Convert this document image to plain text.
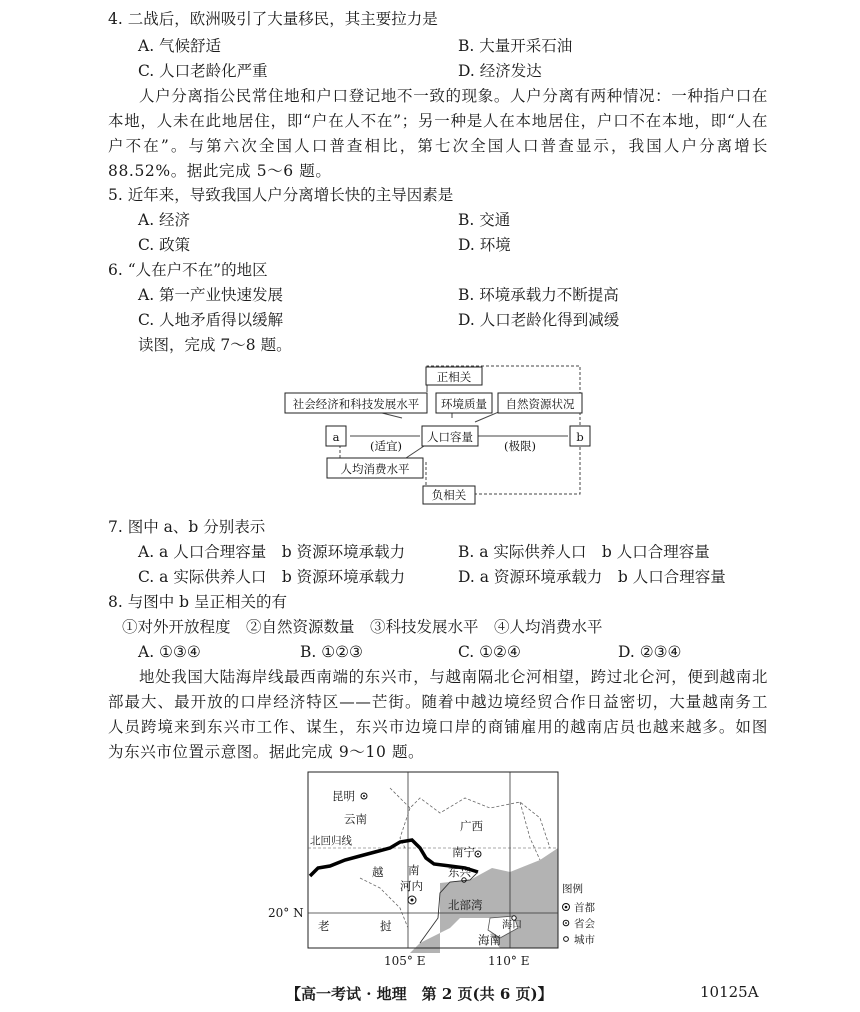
4. 二战后，欧洲吸引了大量移民，其主要拉力是
A. 气候舒适	B. 大量开采石油
C. 人口老龄化严重	D. 经济发达
人户分离指公民常住地和户口登记地不一致的现象。人户分离有两种情况：一种指户口在本地，人未在此地居住，即“户在人不在”；另一种是人在本地居住，户口不在本地，即“人在户不在”。与第六次全国人口普查相比，第七次全国人口普查显示，我国人户分离增长 88.52%。据此完成 5～6 题。
5. 近年来，导致我国人户分离增长快的主导因素是
A. 经济	B. 交通
C. 政策	D. 环境
6. “人在户不在”的地区
A. 第一产业快速发展	B. 环境承载力不断提高
C. 人地矛盾得以缓解	D. 人口老龄化得到减缓
读图，完成 7～8 题。
正相关
社会经济和科技发展水平 环境质量 自然资源状况
a	人口容量	b
(适宜)	(极限)
人均消费水平
负相关
7. 图中 a、b 分别表示
A. a 人口合理容量　b 资源环境承载力	B. a 实际供养人口　b 人口合理容量
C. a 实际供养人口　b 资源环境承载力	D. a 资源环境承载力　b 人口合理容量
8. 与图中 b 呈正相关的有
①对外开放程度　②自然资源数量　③科技发展水平　④人均消费水平
A. ①③④	B. ①②③	C. ①②④	D. ②③④
地处我国大陆海岸线最西南端的东兴市，与越南隔北仑河相望，跨过北仑河，便到越南北部最大、最开放的口岸经济特区——芒街。随着中越边境经贸合作日益密切，大量越南务工人员跨境来到东兴市工作、谋生，东兴市边境口岸的商铺雇用的越南店员也越来越多。如图为东兴市位置示意图。据此完成 9～10 题。
昆明
云南	广西
北回归线
南宁
越 南
河内
东兴
北部湾
老	挝	海口
海南
图例
首都
省会
城市
20° N
105° E	110° E
【高一考试 · 地理　第 2 页(共 6 页)】	10125A
